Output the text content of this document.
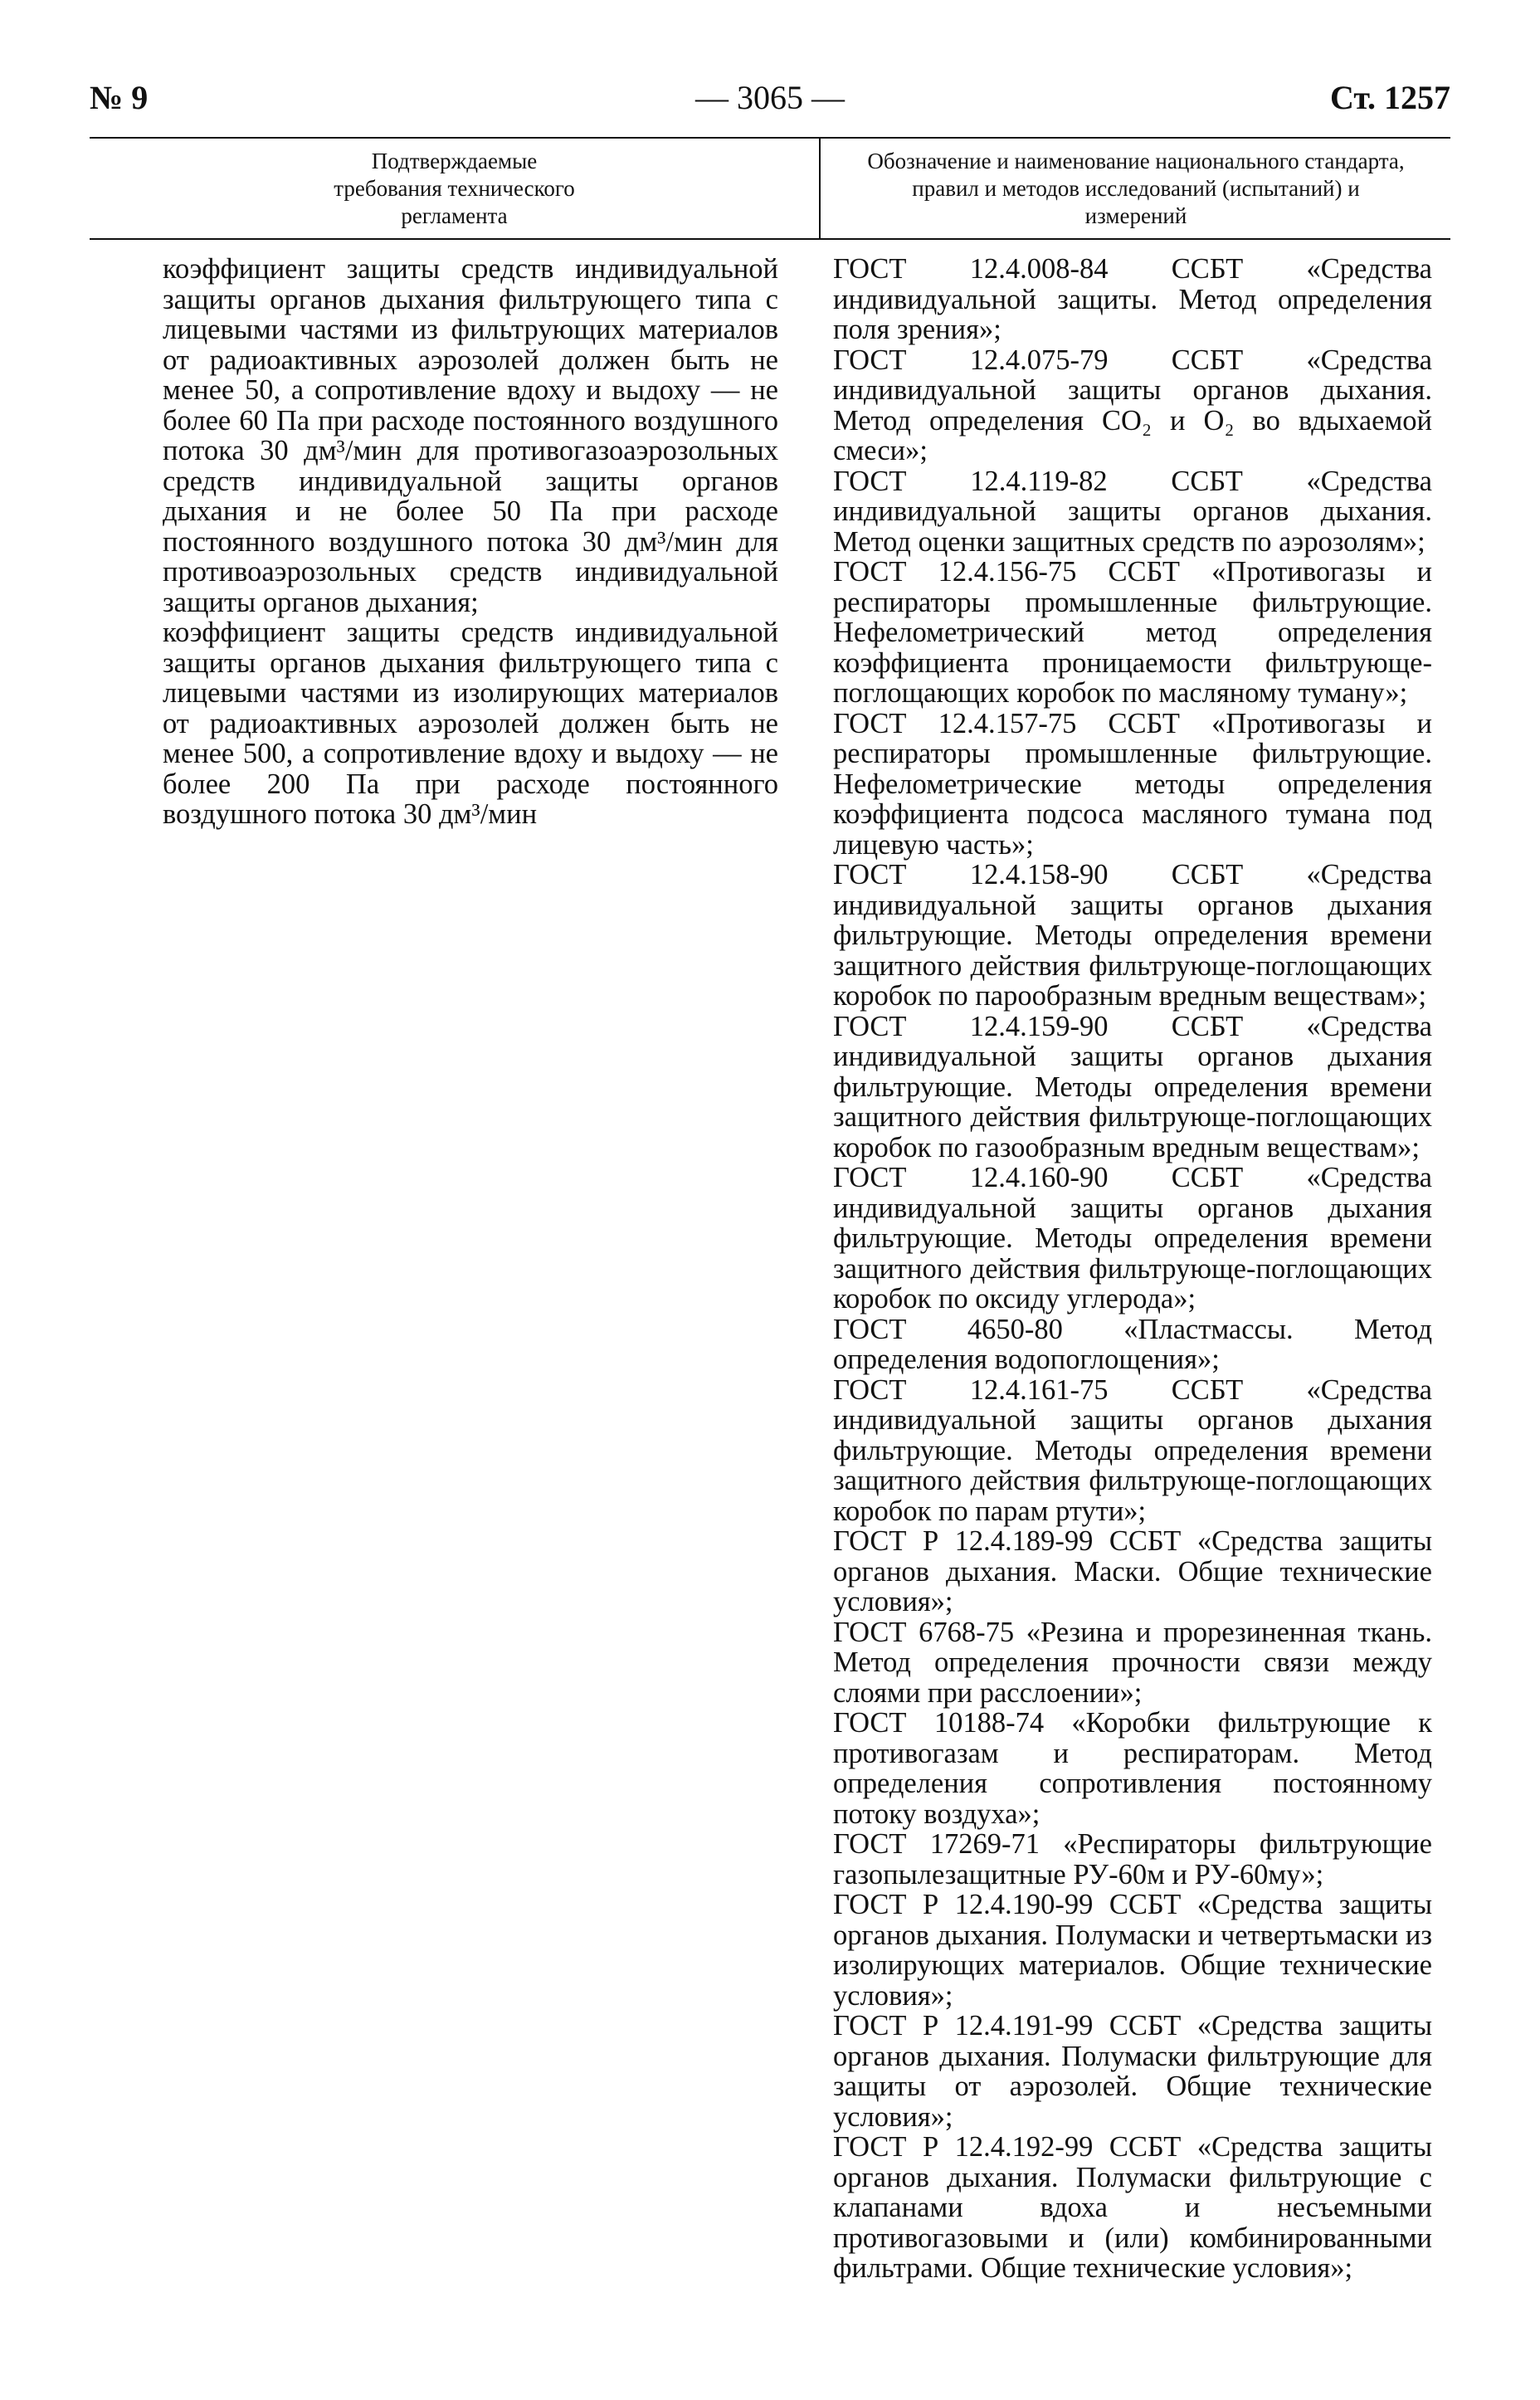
№ 9	— 3065 —	Ст. 1257

Подтверждаемые требования технического регламента

Обозначение и наименование национального стандарта, правил и методов исследований (испытаний) и измерений

коэффициент защиты средств индивидуальной защиты органов дыхания фильтрующего типа с лицевыми частями из фильтрующих материалов от радиоактивных аэрозолей должен быть не менее 50, а сопротивление вдоху и выдоху — не более 60 Па при расходе постоянного воздушного потока 30 дм³/мин для противогазоаэрозольных средств индивидуальной защиты органов дыхания и не более 50 Па при расходе постоянного воздушного потока 30 дм³/мин для противоаэрозольных средств индивидуальной защиты органов дыхания;

коэффициент защиты средств индивидуальной защиты органов дыхания фильтрующего типа с лицевыми частями из изолирующих материалов от радиоактивных аэрозолей должен быть не менее 500, а сопротивление вдоху и выдоху — не более 200 Па при расходе постоянного воздушного потока 30 дм³/мин

ГОСТ 12.4.008-84 ССБТ «Средства индивидуальной защиты. Метод определения поля зрения»;

ГОСТ 12.4.075-79 ССБТ «Средства индивидуальной защиты органов дыхания. Метод определения CO₂ и O₂ во вдыхаемой смеси»;

ГОСТ 12.4.119-82 ССБТ «Средства индивидуальной защиты органов дыхания. Метод оценки защитных средств по аэрозолям»;

ГОСТ 12.4.156-75 ССБТ «Противогазы и респираторы промышленные фильтрующие. Нефелометрический метод определения коэффициента проницаемости фильтрующе-поглощающих коробок по масляному туману»;

ГОСТ 12.4.157-75 ССБТ «Противогазы и респираторы промышленные фильтрующие. Нефелометрические методы определения коэффициента подсоса масляного тумана под лицевую часть»;

ГОСТ 12.4.158-90 ССБТ «Средства индивидуальной защиты органов дыхания фильтрующие. Методы определения времени защитного действия фильтрующе-поглощающих коробок по парообразным вредным веществам»;

ГОСТ 12.4.159-90 ССБТ «Средства индивидуальной защиты органов дыхания фильтрующие. Методы определения времени защитного действия фильтрующе-поглощающих коробок по газообразным вредным веществам»;

ГОСТ 12.4.160-90 ССБТ «Средства индивидуальной защиты органов дыхания фильтрующие. Методы определения времени защитного действия фильтрующе-поглощающих коробок по оксиду углерода»;

ГОСТ 4650-80 «Пластмассы. Метод определения водопоглощения»;

ГОСТ 12.4.161-75 ССБТ «Средства индивидуальной защиты органов дыхания фильтрующие. Методы определения времени защитного действия фильтрующе-поглощающих коробок по парам ртути»;

ГОСТ Р 12.4.189-99 ССБТ «Средства защиты органов дыхания. Маски. Общие технические условия»;

ГОСТ 6768-75 «Резина и прорезиненная ткань. Метод определения прочности связи между слоями при расслоении»;

ГОСТ 10188-74 «Коробки фильтрующие к противогазам и респираторам. Метод определения сопротивления постоянному потоку воздуха»;

ГОСТ 17269-71 «Респираторы фильтрующие газопылезащитные РУ-60м и РУ-60му»;

ГОСТ Р 12.4.190-99 ССБТ «Средства защиты органов дыхания. Полумаски и четвертьмаски из изолирующих материалов. Общие технические условия»;

ГОСТ Р 12.4.191-99 ССБТ «Средства защиты органов дыхания. Полумаски фильтрующие для защиты от аэрозолей. Общие технические условия»;

ГОСТ Р 12.4.192-99 ССБТ «Средства защиты органов дыхания. Полумаски фильтрующие с клапанами вдоха и несъемными противогазовыми и (или) комбинированными фильтрами. Общие технические условия»;
